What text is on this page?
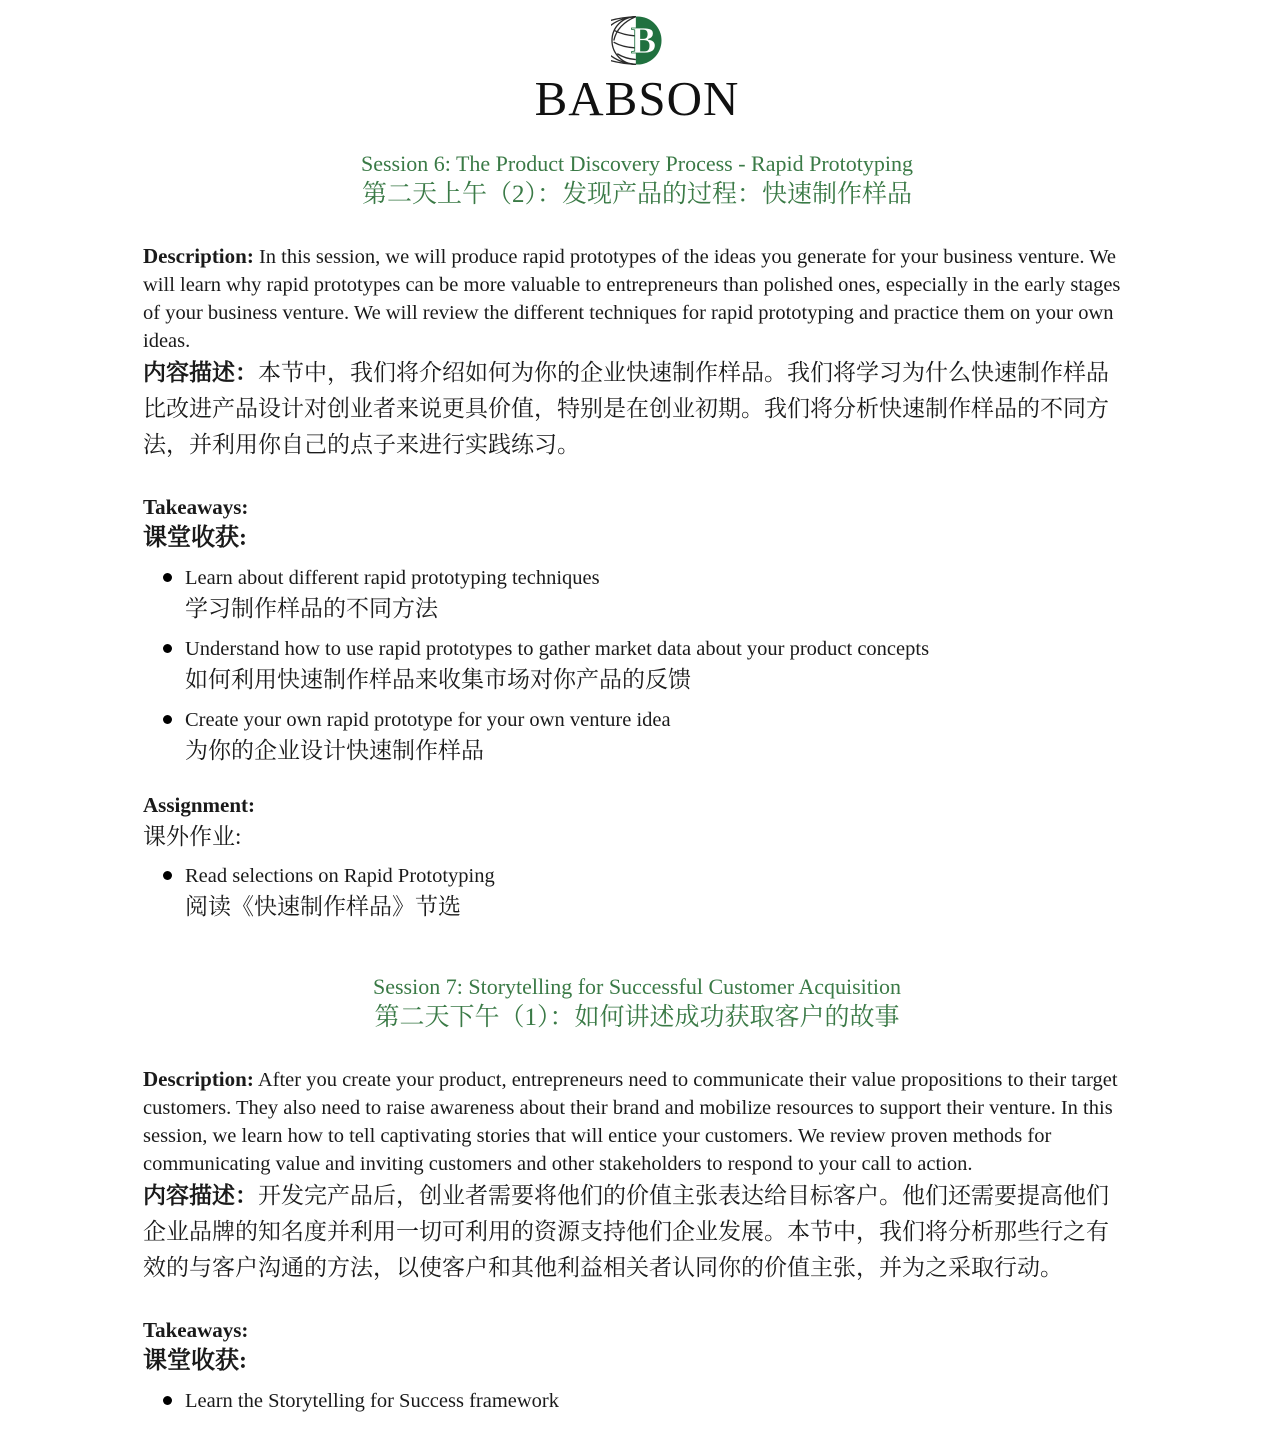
B
BABSON
Session 6: The Product Discovery Process - Rapid Prototyping
第二天上午（2）：发现产品的过程：快速制作样品

Description: In this session, we will produce rapid prototypes of the ideas you generate for your business venture. We will learn why rapid prototypes can be more valuable to entrepreneurs than polished ones, especially in the early stages of your business venture. We will review the different techniques for rapid prototyping and practice them on your own ideas.

内容描述：本节中，我们将介绍如何为你的企业快速制作样品。我们将学习为什么快速制作样品比改进产品设计对创业者来说更具价值，特别是在创业初期。我们将分析快速制作样品的不同方法，并利用你自己的点子来进行实践练习。

Takeaways:

课堂收获:

Learn about different rapid prototyping techniques
学习制作样品的不同方法
Understand how to use rapid prototypes to gather market data about your product concepts
如何利用快速制作样品来收集市场对你产品的反馈
Create your own rapid prototype for your own venture idea
为你的企业设计快速制作样品

Assignment:

课外作业:

Read selections on Rapid Prototyping
阅读《快速制作样品》节选
Session 7: Storytelling for Successful Customer Acquisition
第二天下午（1）：如何讲述成功获取客户的故事

Description: After you create your product, entrepreneurs need to communicate their value propositions to their target customers. They also need to raise awareness about their brand and mobilize resources to support their venture. In this session, we learn how to tell captivating stories that will entice your customers. We review proven methods for communicating value and inviting customers and other stakeholders to respond to your call to action.

内容描述：开发完产品后，创业者需要将他们的价值主张表达给目标客户。他们还需要提高他们企业品牌的知名度并利用一切可利用的资源支持他们企业发展。本节中，我们将分析那些行之有效的与客户沟通的方法，以使客户和其他利益相关者认同你的价值主张，并为之采取行动。

Takeaways:

课堂收获:

Learn the Storytelling for Success framework
